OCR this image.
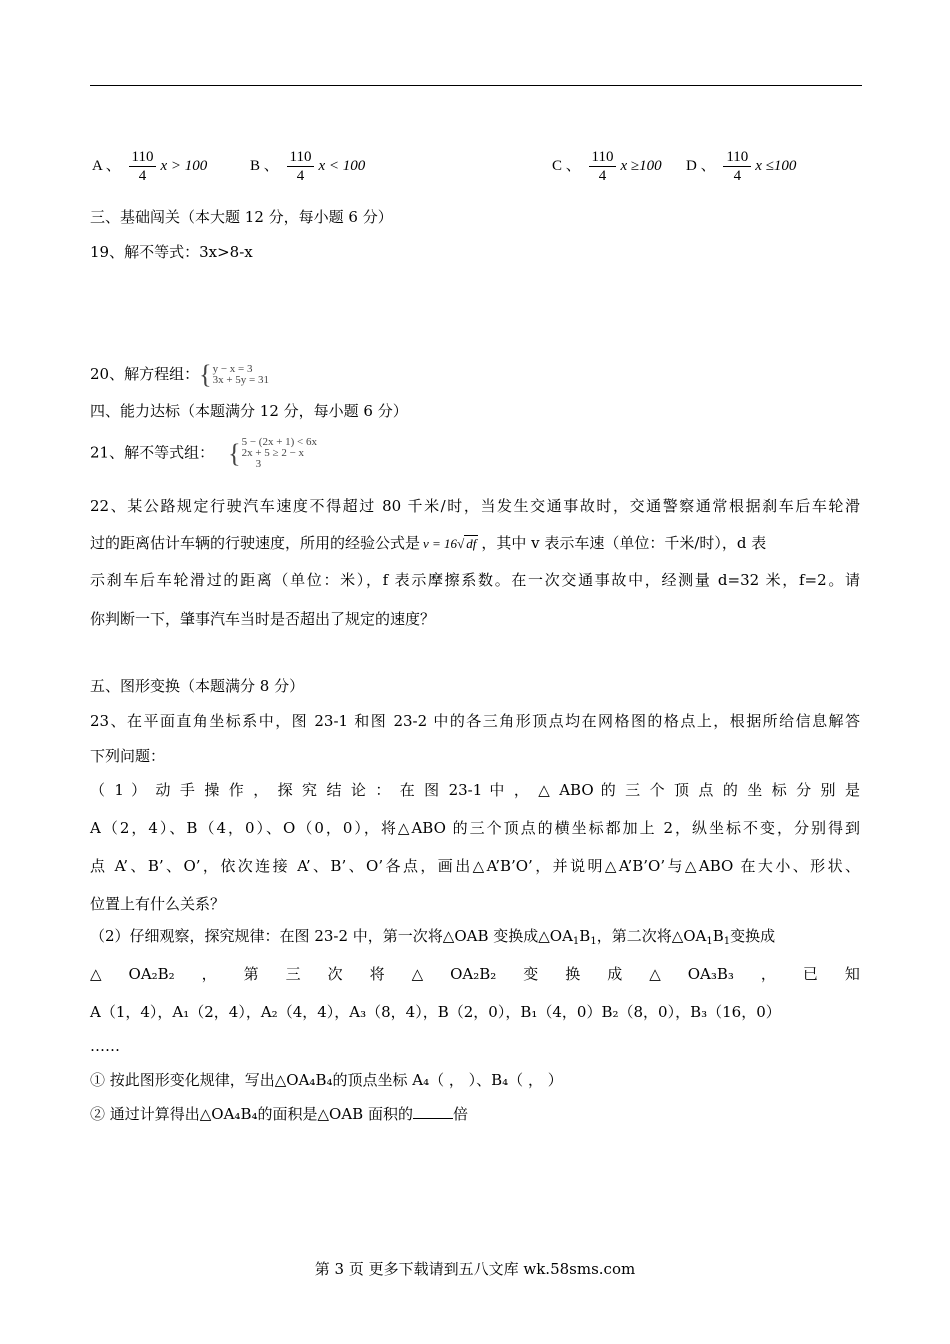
A 、 $\frac{110}{4}$ x > 100	B 、 $\frac{110}{4}$ x < 100	C 、 $\frac{110}{4}$ x ≥100 D 、 $\frac{110}{4}$ x ≤100
三、基础闯关（本大题 12 分，每小题 6 分）
19、解不等式：3x>8-x
20、解方程组：{ y − x = 3
3x + 5y = 31
四、能力达标（本题满分 12 分，每小题 6 分）
21、解不等式组： { 5 − (2x + 1) < 6x
2x + 5 ≥ 2 − x
3
22、某公路规定行驶汽车速度不得超过 80 千米/时，当发生交通事故时，交通警察通常根据刹车后车轮滑
过的距离估计车辆的行驶速度，所用的经验公式是 v = 16√ df ，其中 v 表示车速（单位：千米/时），d 表
示刹车后车轮滑过的距离（单位：米），f 表示摩擦系数。在一次交通事故中，经测量 d=32 米，f=2。请
你判断一下，肇事汽车当时是否超出了规定的速度？
五、图形变换（本题满分 8 分）
23、在平面直角坐标系中，图 23-1 和图 23-2 中的各三角形顶点均在网格图的格点上，根据所给信息解答
下列问题：
（ 1 ） 动 手 操 作 ， 探 究 结 论 ： 在 图 23-1 中 ， △ ABO 的 三 个 顶 点 的 坐 标 分 别 是
A（2，4）、B（4，0）、O（0，0），将△ABO 的三个顶点的横坐标都加上 2，纵坐标不变，分别得到
点 A’、B’、O’，依次连接 A’、B’、O’各点，画出△A’B’O’，并说明△A’B’O’与△ABO 在大小、形状、
位置上有什么关系？
（2）仔细观察，探究规律：在图 23-2 中，第一次将△OAB 变换成$\triangle OA_1B_1$，第二次将$\triangle OA_1B_1$变换成
△ OA₂B₂ ， 第 三 次 将 △ OA₂B₂ 变 换 成 △ OA₃B₃ ， 已 知
A（1，4），A₁（2，4），A₂（4，4），A₃（8，4），B（2，0），B₁（4，0）B₂（8，0），B₃（16，0）
……
① 按此图形变化规律，写出△OA₄B₄的顶点坐标 A₄（ ， ）、B₄（ ， ）
② 通过计算得出△OA₄B₄的面积是△OAB 面积的	倍
第 3 页 更多下载请到五八文库 wk.58sms.com
